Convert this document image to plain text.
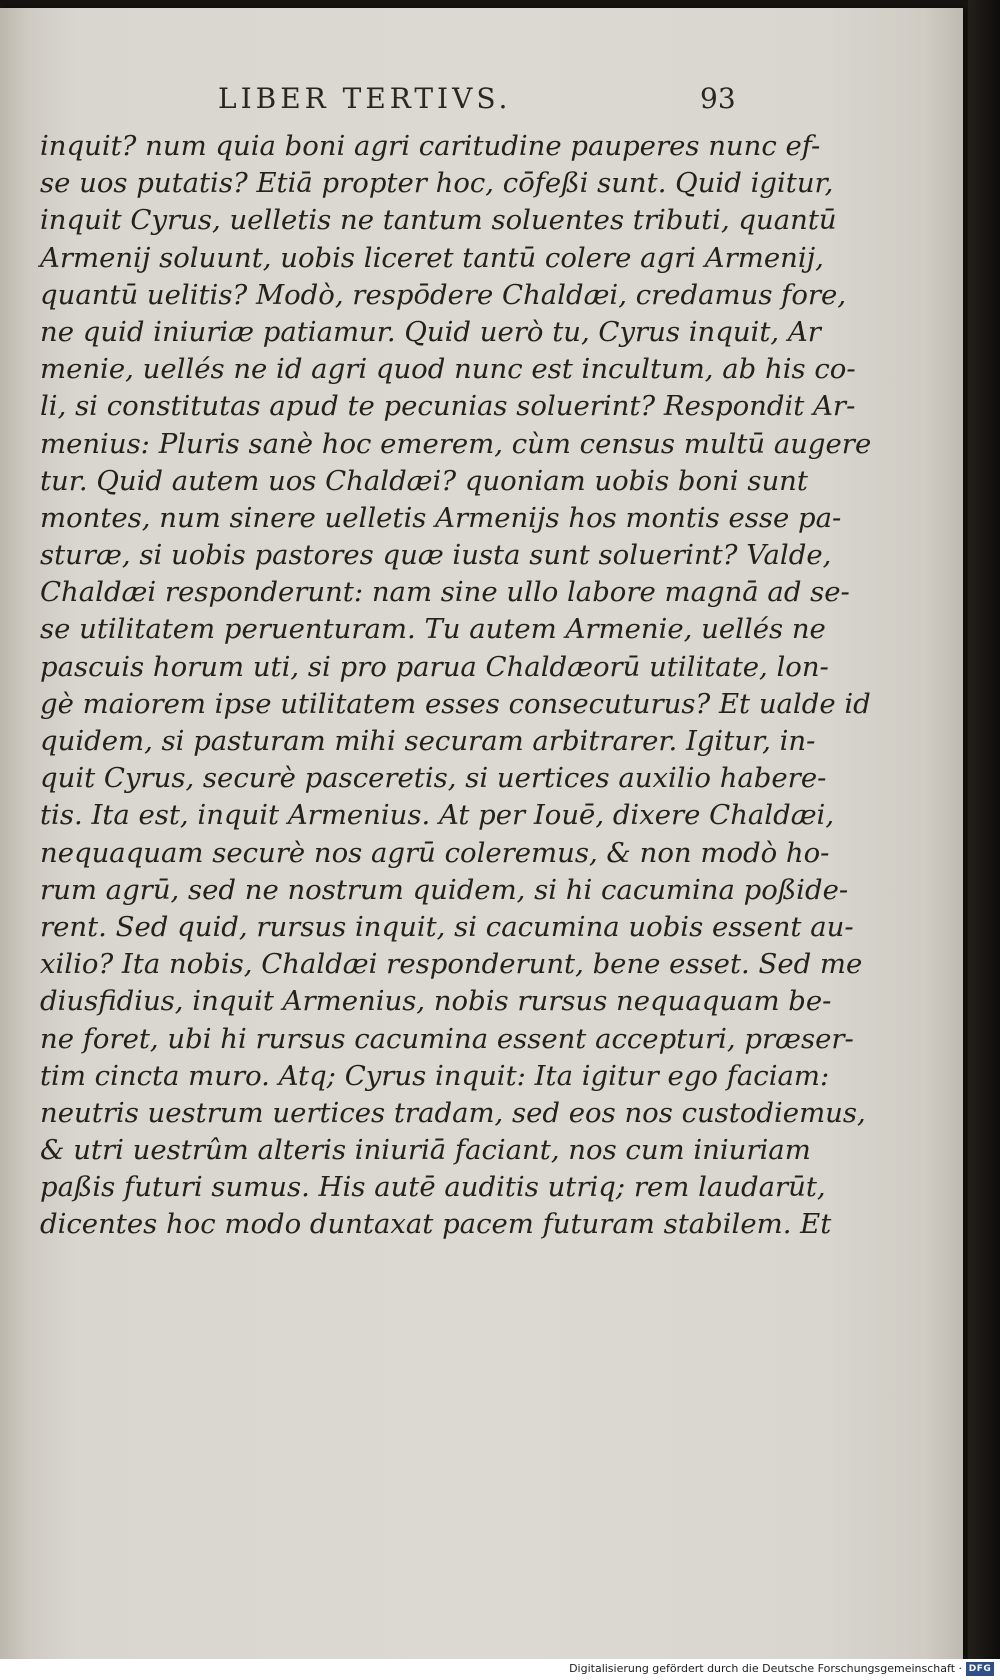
LIBER TERTIVS.	93
inquit? num quia boni agri caritudine pauperes nunc ef-
se uos putatis? Etiā propter hoc, cōfeßi sunt. Quid igitur,
inquit Cyrus, uelletis ne tantum soluentes tributi, quantū
Armenij soluunt, uobis liceret tantū colere agri Armenij,
quantū uelitis? Modò, respōdere Chaldæi, credamus fore,
ne quid iniuriæ patiamur. Quid uerò tu, Cyrus inquit, Ar
menie, uellés ne id agri quod nunc est incultum, ab his co-
li, si constitutas apud te pecunias soluerint? Respondit Ar-
menius: Pluris sanè hoc emerem, cùm census multū augere
tur. Quid autem uos Chaldæi? quoniam uobis boni sunt
montes, num sinere uelletis Armenijs hos montis esse pa-
sturæ, si uobis pastores quæ iusta sunt soluerint? Valde,
Chaldæi responderunt: nam sine ullo labore magnā ad se-
se utilitatem peruenturam. Tu autem Armenie, uellés ne
pascuis horum uti, si pro parua Chaldæorū utilitate, lon-
gè maiorem ipse utilitatem esses consecuturus? Et ualde id
quidem, si pasturam mihi securam arbitrarer. Igitur, in-
quit Cyrus, securè pasceretis, si uertices auxilio habere-
tis. Ita est, inquit Armenius. At per Iouē, dixere Chaldæi,
nequaquam securè nos agrū coleremus, & non modò ho-
rum agrū, sed ne nostrum quidem, si hi cacumina poßide-
rent. Sed quid, rursus inquit, si cacumina uobis essent au-
xilio? Ita nobis, Chaldæi responderunt, bene esset. Sed me
diusfidius, inquit Armenius, nobis rursus nequaquam be-
ne foret, ubi hi rursus cacumina essent accepturi, præser-
tim cincta muro. Atq; Cyrus inquit: Ita igitur ego faciam:
neutris uestrum uertices tradam, sed eos nos custodiemus,
& utri uestrûm alteris iniuriā faciant, nos cum iniuriam
paßis futuri sumus. His autē auditis utriq; rem laudarūt,
dicentes hoc modo duntaxat pacem futuram stabilem. Et
Digitalisierung gefördert durch die Deutsche Forschungsgemeinschaft · DFG
